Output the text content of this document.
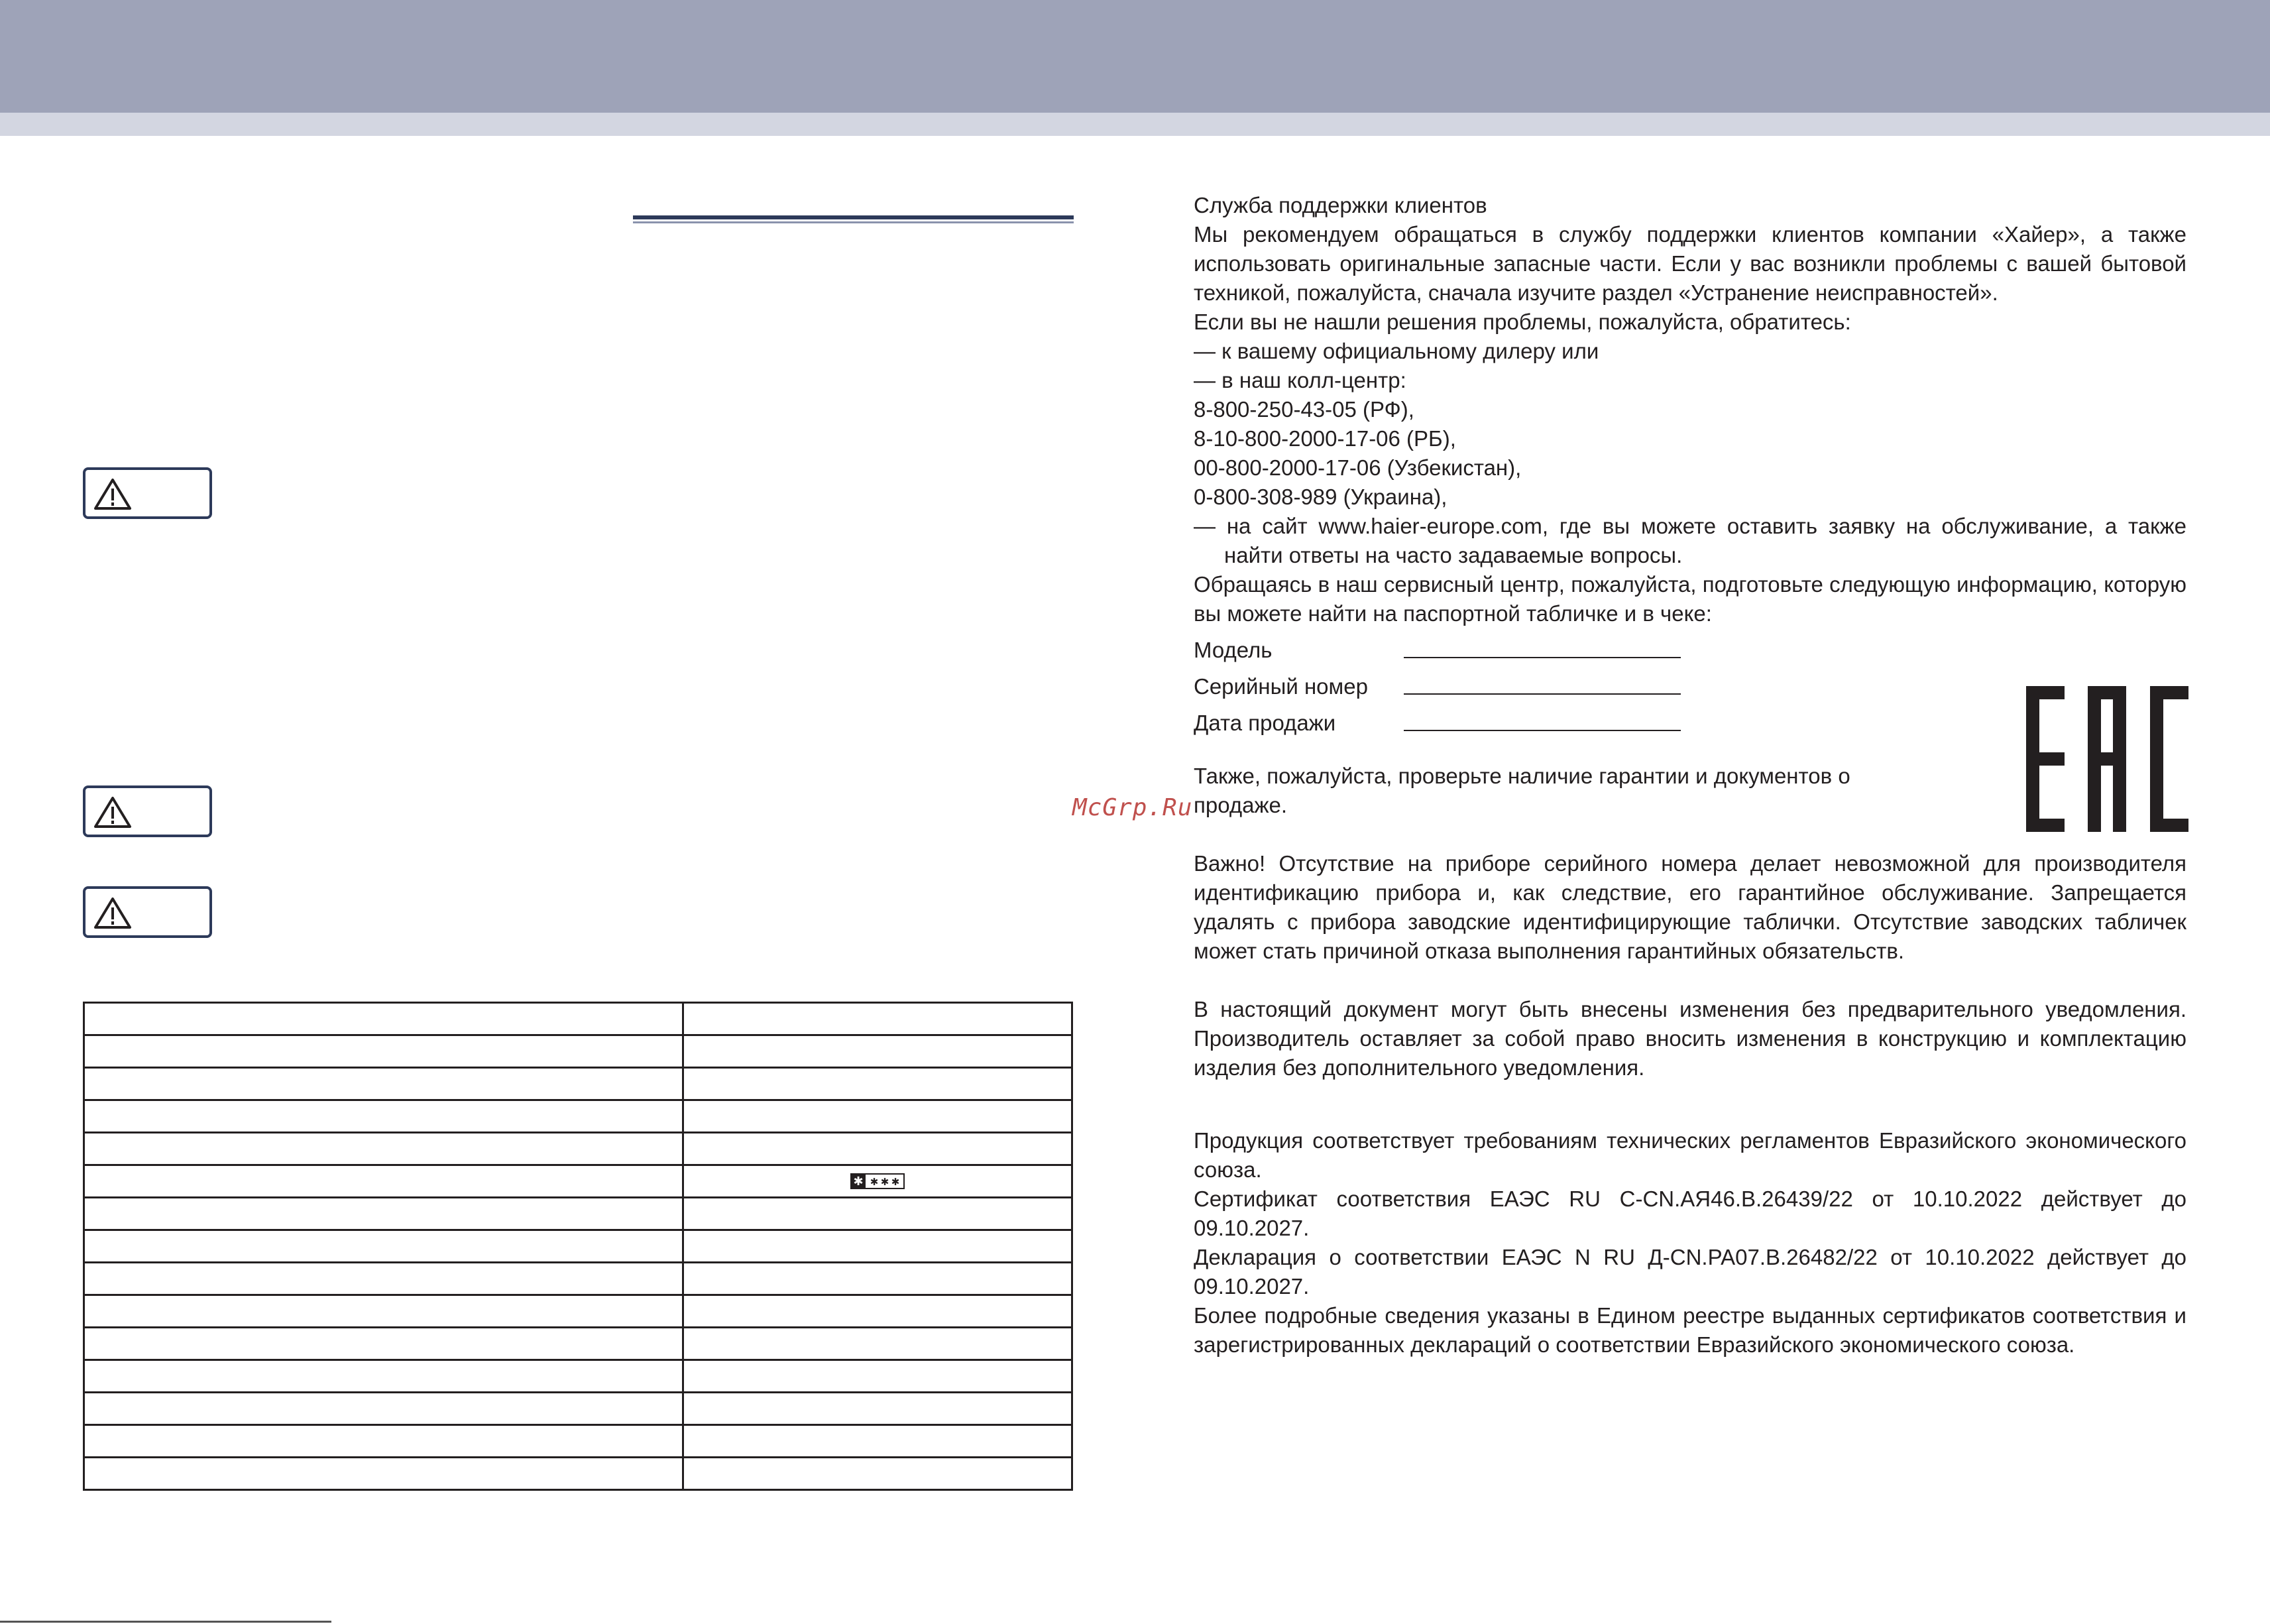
✱ ✱ ✱ ✱

McGrp.Ru

Служба поддержки клиентов

Мы рекомендуем обращаться в службу поддержки клиентов компании «Хайер», а также использовать оригинальные запасные части. Если у вас возникли проблемы с вашей бытовой техникой, пожалуйста, сначала изучите раздел «Устранение неисправностей».

Если вы не нашли решения проблемы, пожалуйста, обратитесь:

— к вашему официальному дилеру или

— в наш колл-центр:

8-800-250-43-05 (РФ),

8-10-800-2000-17-06 (РБ),

00-800-2000-17-06 (Узбекистан),

0-800-308-989 (Украина),

— на сайт www.haier-europe.com, где вы можете оставить заявку на обслуживание, а также найти ответы на часто задаваемые вопросы.

Обращаясь в наш сервисный центр, пожалуйста, подготовьте следующую информацию, которую вы можете найти на паспортной табличке и в чеке:

Модель
Серийный номер
Дата продажи

Также, пожалуйста, проверьте наличие гарантии и документов о продаже.

Важно! Отсутствие на приборе серийного номера делает невозможной для производителя идентификацию прибора и, как следствие, его гарантийное обслуживание. Запрещается удалять с прибора заводские идентифицирующие таблички. Отсутствие заводских табличек может стать причиной отказа выполнения гарантийных обязательств.

В настоящий документ могут быть внесены изменения без предварительного уведомления. Производитель оставляет за собой право вносить изменения в конструкцию и комплектацию изделия без дополнительного уведомления.

Продукция соответствует требованиям технических регламентов Евразийского экономического союза.

Сертификат соответствия ЕАЭС RU C-CN.АЯ46.В.26439/22 от 10.10.2022 действует до 09.10.2027.

Декларация о соответствии ЕАЭС N RU Д-CN.PA07.В.26482/22 от 10.10.2022 действует до 09.10.2027.

Более подробные сведения указаны в Едином реестре выданных сертификатов соответствия и зарегистрированных деклараций о соответствии Евразийского экономического союза.
